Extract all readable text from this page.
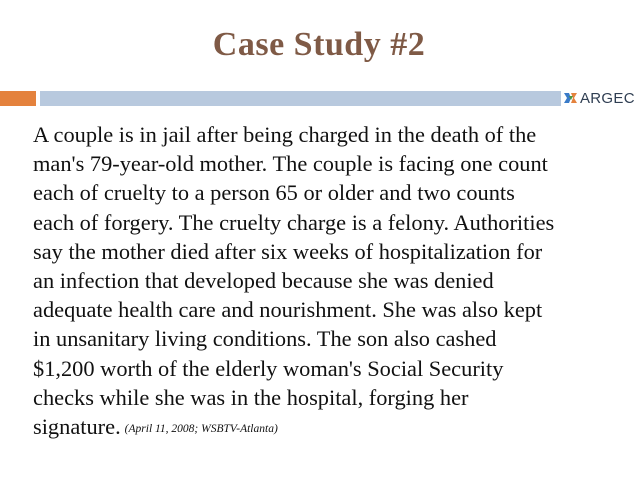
Case Study #2
ARGEC
A couple is in jail after being charged in the death of the
man's 79-year-old mother. The couple is facing one count
each of cruelty to a person 65 or older and two counts
each of forgery. The cruelty charge is a felony. Authorities
say the mother died after six weeks of hospitalization for
an infection that developed because she was denied
adequate health care and nourishment. She was also kept
in unsanitary living conditions. The son also cashed
$1,200 worth of the elderly woman's Social Security
checks while she was in the hospital, forging her
signature. (April 11, 2008; WSBTV-Atlanta)
